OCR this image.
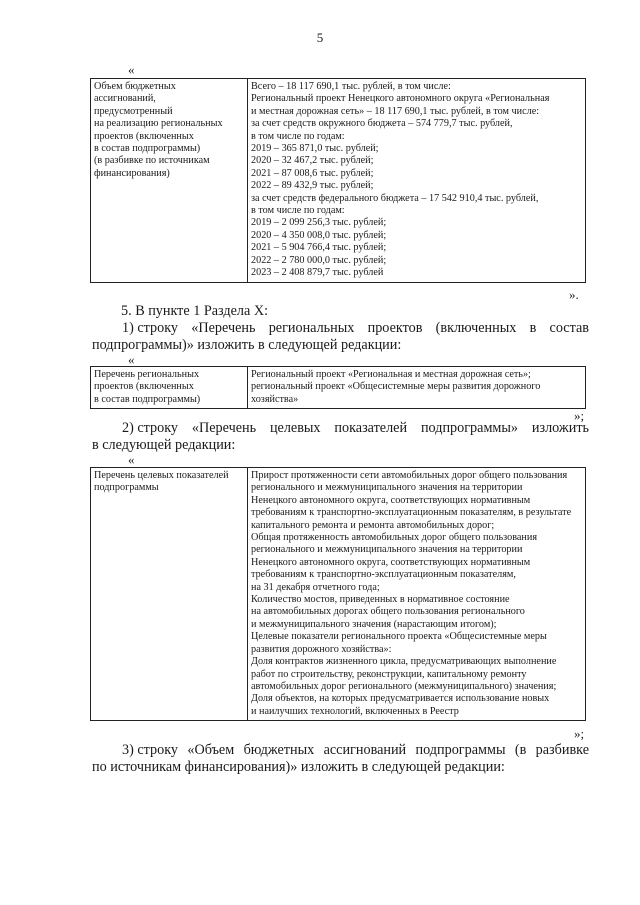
5
«
Объем бюджетных
ассигнований,
предусмотренный
на реализацию региональных
проектов (включенных
в состав подпрограммы)
(в разбивке по источникам
финансирования)

Всего – 18 117 690,1 тыс. рублей, в том числе:
Региональный проект Ненецкого автономного округа «Региональная
и местная дорожная сеть» – 18 117 690,1 тыс. рублей, в том числе:
за счет средств окружного бюджета – 574 779,7 тыс. рублей,
в том числе по годам:
2019 – 365 871,0 тыс. рублей;
2020 – 32 467,2 тыс. рублей;
2021 – 87 008,6 тыс. рублей;
2022 – 89 432,9 тыс. рублей;
за счет средств федерального бюджета – 17 542 910,4 тыс. рублей,
в том числе по годам:
2019 – 2 099 256,3 тыс. рублей;
2020 – 4 350 008,0 тыс. рублей;
2021 – 5 904 766,4 тыс. рублей;
2022 – 2 780 000,0 тыс. рублей;
2023 – 2 408 879,7 тыс. рублей
».
5. В пункте 1 Раздела Х:
1) строку «Перечень региональных проектов (включенных в состав
подпрограммы)» изложить в следующей редакции:
«
Перечень региональных
проектов (включенных
в состав подпрограммы)

Региональный проект «Региональная и местная дорожная сеть»;
региональный проект «Общесистемные меры развития дорожного
хозяйства»
»;
2) строку «Перечень целевых показателей подпрограммы» изложить
в следующей редакции:
«
Перечень целевых показателей
подпрограммы

Прирост протяженности сети автомобильных дорог общего пользования
регионального и межмуниципального значения на территории
Ненецкого автономного округа, соответствующих нормативным
требованиям к транспортно-эксплуатационным показателям, в результате
капитального ремонта и ремонта автомобильных дорог;
Общая протяженность автомобильных дорог общего пользования
регионального и межмуниципального значения на территории
Ненецкого автономного округа, соответствующих нормативным
требованиям к транспортно-эксплуатационным показателям,
на 31 декабря отчетного года;
Количество мостов, приведенных в нормативное состояние
на автомобильных дорогах общего пользования регионального
и межмуниципального значения (нарастающим итогом);
Целевые показатели регионального проекта «Общесистемные меры
развития дорожного хозяйства»:
Доля контрактов жизненного цикла, предусматривающих выполнение
работ по строительству, реконструкции, капитальному ремонту
автомобильных дорог регионального (межмуниципального) значения;
Доля объектов, на которых предусматривается использование новых
и наилучших технологий, включенных в Реестр
»;
3) строку «Объем бюджетных ассигнований подпрограммы (в разбивке
по источникам финансирования)» изложить в следующей редакции:
